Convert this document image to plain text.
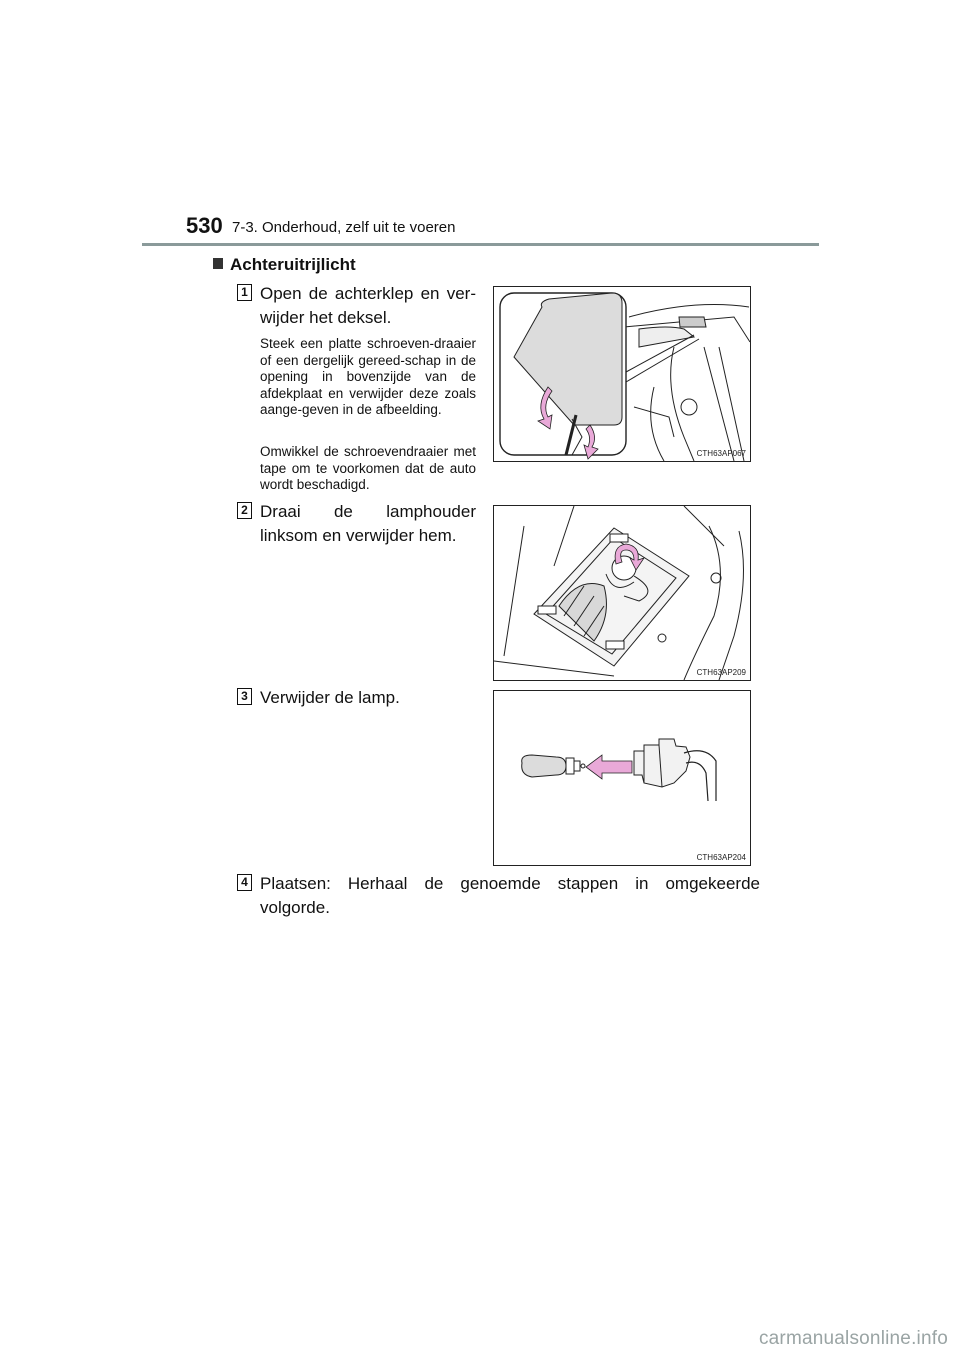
530 7-3. Onderhoud, zelf uit te voeren
Achteruitrijlicht
1 Open de achterklep en ver-wijder het deksel.
Steek een platte schroeven-draaier of een dergelijk gereed-schap in de opening in bovenzijde van de afdekplaat en verwijder deze zoals aange-geven in de afbeelding.
Omwikkel de schroevendraaier met tape om te voorkomen dat de auto wordt beschadigd.
CTH63AP067
2 Draai de lamphouder linksom en verwijder hem.
CTH63AP209
3 Verwijder de lamp.
CTH63AP204
4 Plaatsen: Herhaal de genoemde stappen in omgekeerde volgorde.
carmanualsonline.info
